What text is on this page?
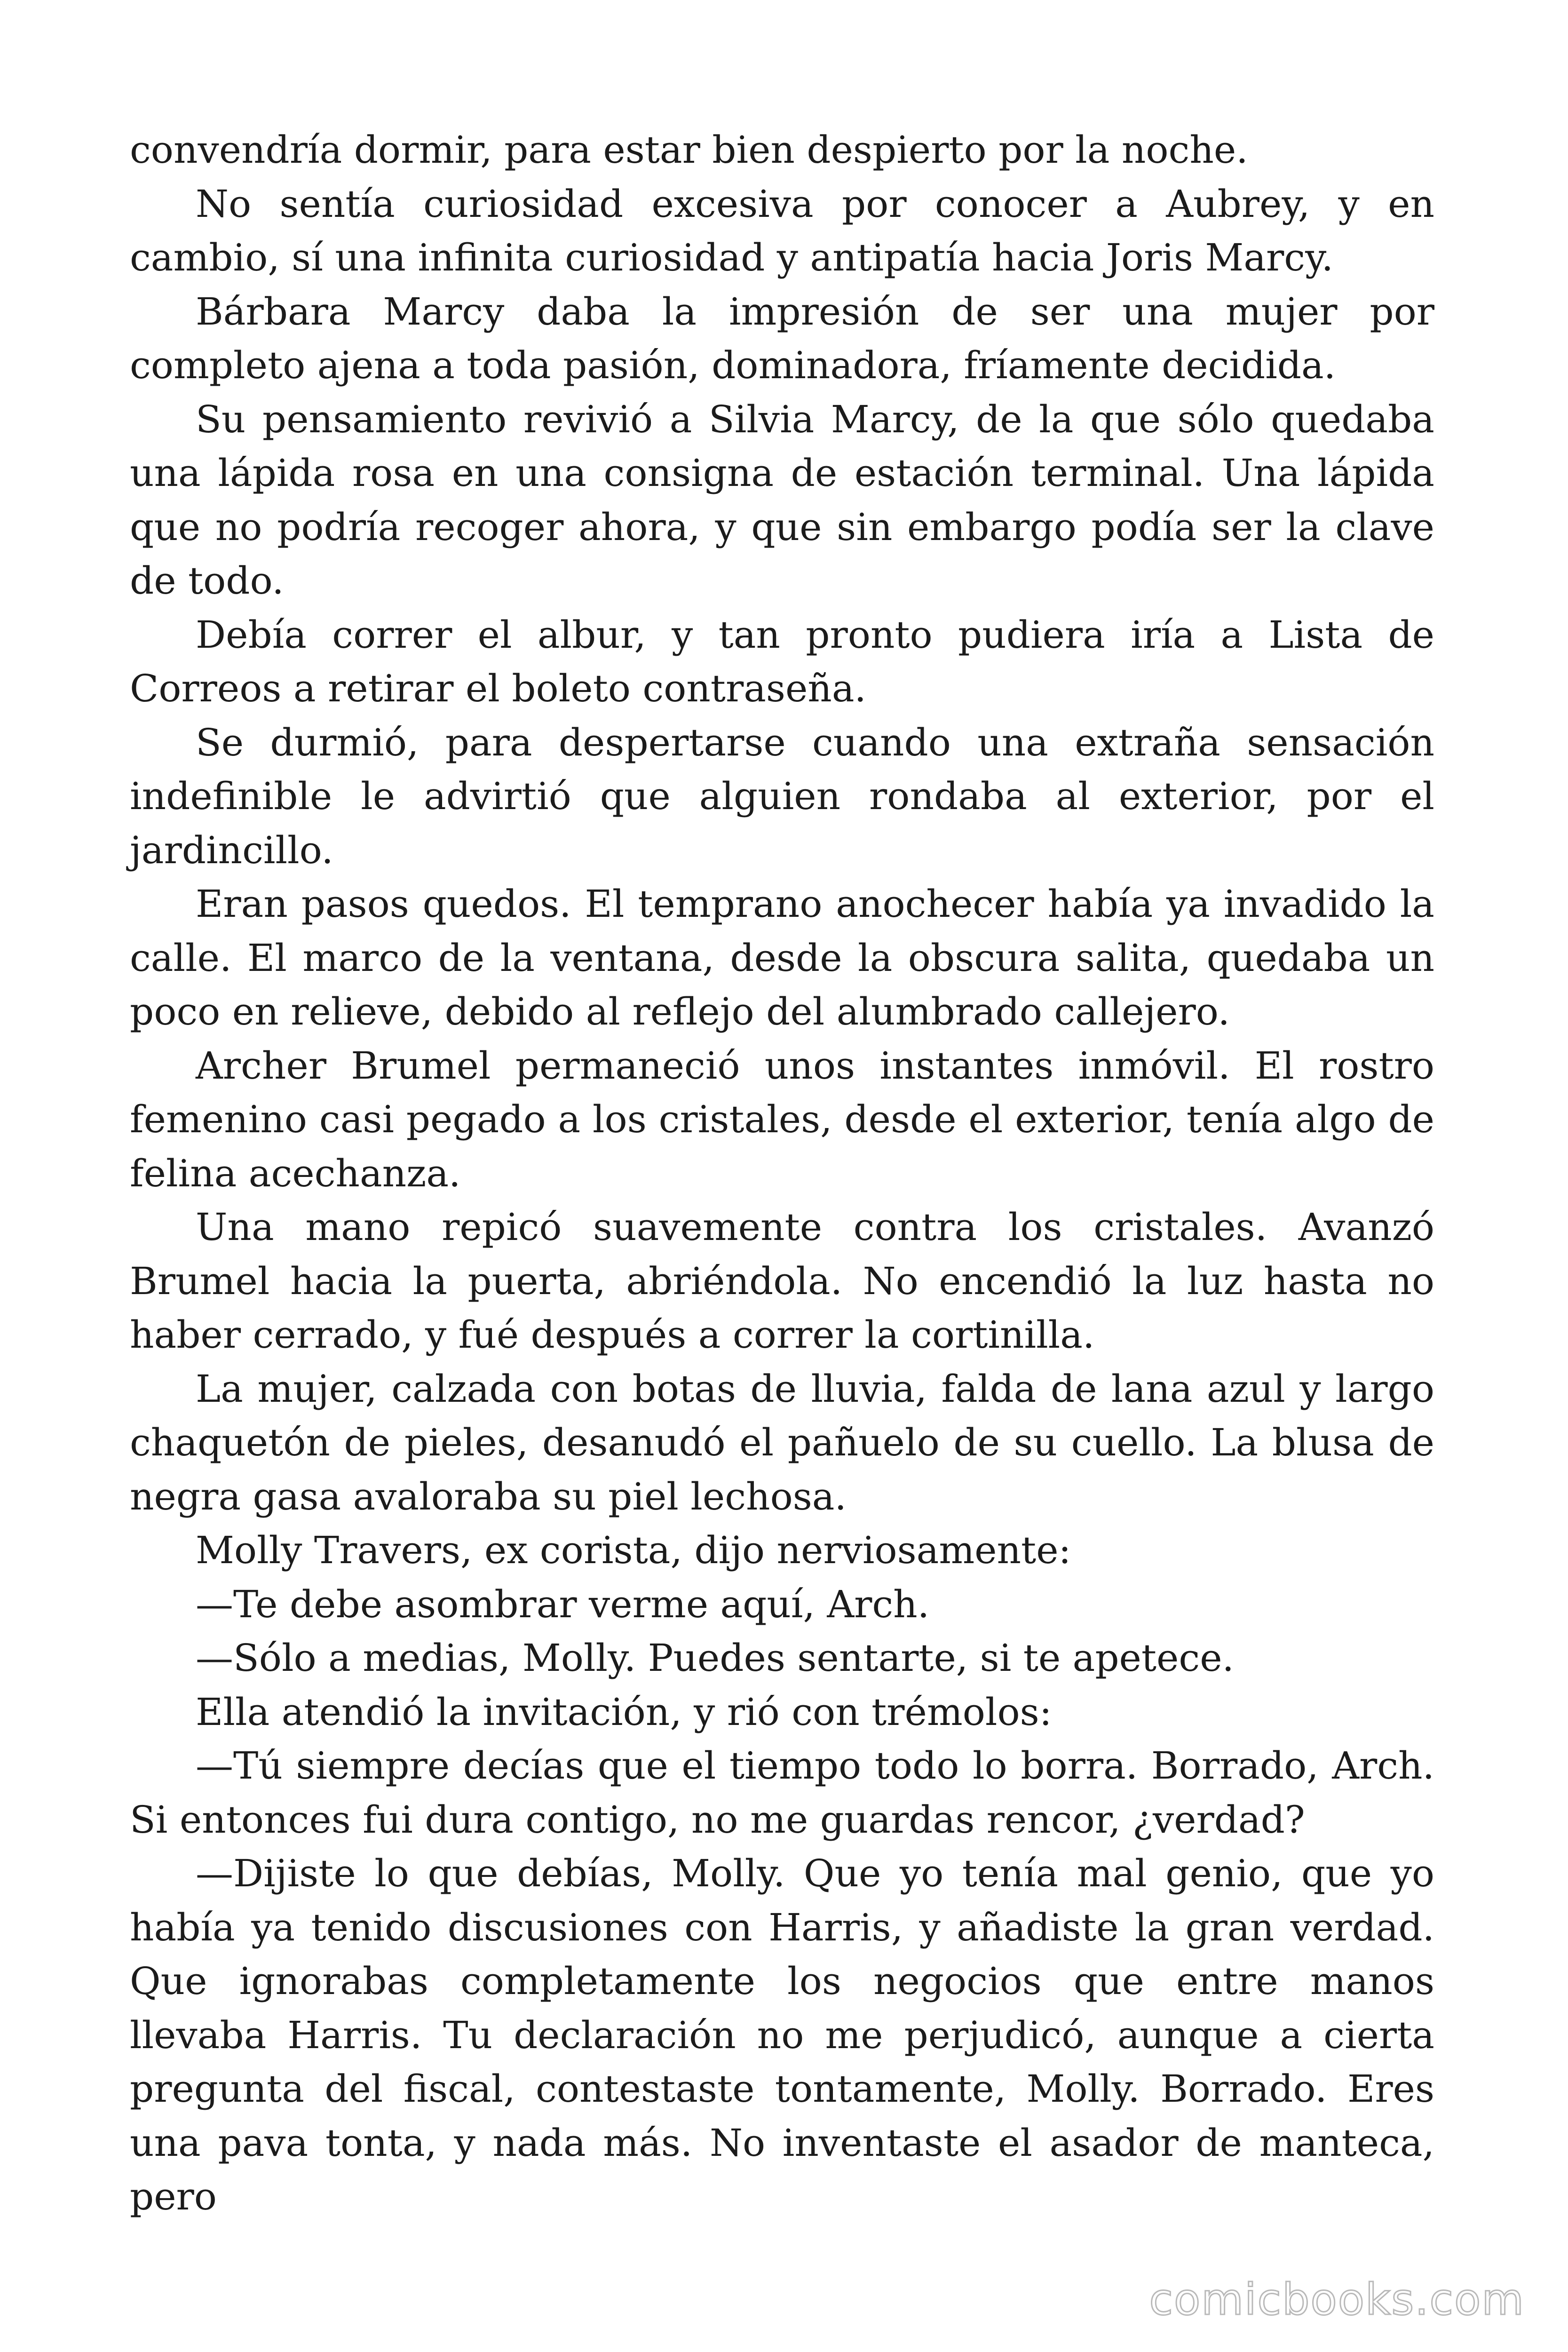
convendría dormir, para estar bien despierto por la noche.

No sentía curiosidad excesiva por conocer a Aubrey, y en cambio, sí una infinita curiosidad y antipatía hacia Joris Marcy.

Bárbara Marcy daba la impresión de ser una mujer por completo ajena a toda pasión, dominadora, fríamente decidida.

Su pensamiento revivió a Silvia Marcy, de la que sólo quedaba una lápida rosa en una consigna de estación terminal. Una lápida que no podría recoger ahora, y que sin embargo podía ser la clave de todo.

Debía correr el albur, y tan pronto pudiera iría a Lista de Correos a retirar el boleto contraseña.

Se durmió, para despertarse cuando una extraña sensación indefinible le advirtió que alguien rondaba al exterior, por el jardincillo.

Eran pasos quedos. El temprano anochecer había ya invadido la calle. El marco de la ventana, desde la obscura salita, quedaba un poco en relieve, debido al reflejo del alumbrado callejero.

Archer Brumel permaneció unos instantes inmóvil. El rostro femenino casi pegado a los cristales, desde el exterior, tenía algo de felina acechanza.

Una mano repicó suavemente contra los cristales. Avanzó Brumel hacia la puerta, abriéndola. No encendió la luz hasta no haber cerrado, y fué después a correr la cortinilla.

La mujer, calzada con botas de lluvia, falda de lana azul y largo chaquetón de pieles, desanudó el pañuelo de su cuello. La blusa de negra gasa avaloraba su piel lechosa.

Molly Travers, ex corista, dijo nerviosamente:

—Te debe asombrar verme aquí, Arch.

—Sólo a medias, Molly. Puedes sentarte, si te apetece.

Ella atendió la invitación, y rió con trémolos:

—Tú siempre decías que el tiempo todo lo borra. Borrado, Arch. Si entonces fui dura contigo, no me guardas rencor, ¿verdad?

—Dijiste lo que debías, Molly. Que yo tenía mal genio, que yo había ya tenido discusiones con Harris, y añadiste la gran verdad. Que ignorabas completamente los negocios que entre manos llevaba Harris. Tu declaración no me perjudicó, aunque a cierta pregunta del fiscal, contestaste tontamente, Molly. Borrado. Eres una pava tonta, y nada más. No inventaste el asador de manteca, pero

comicbooks.com
